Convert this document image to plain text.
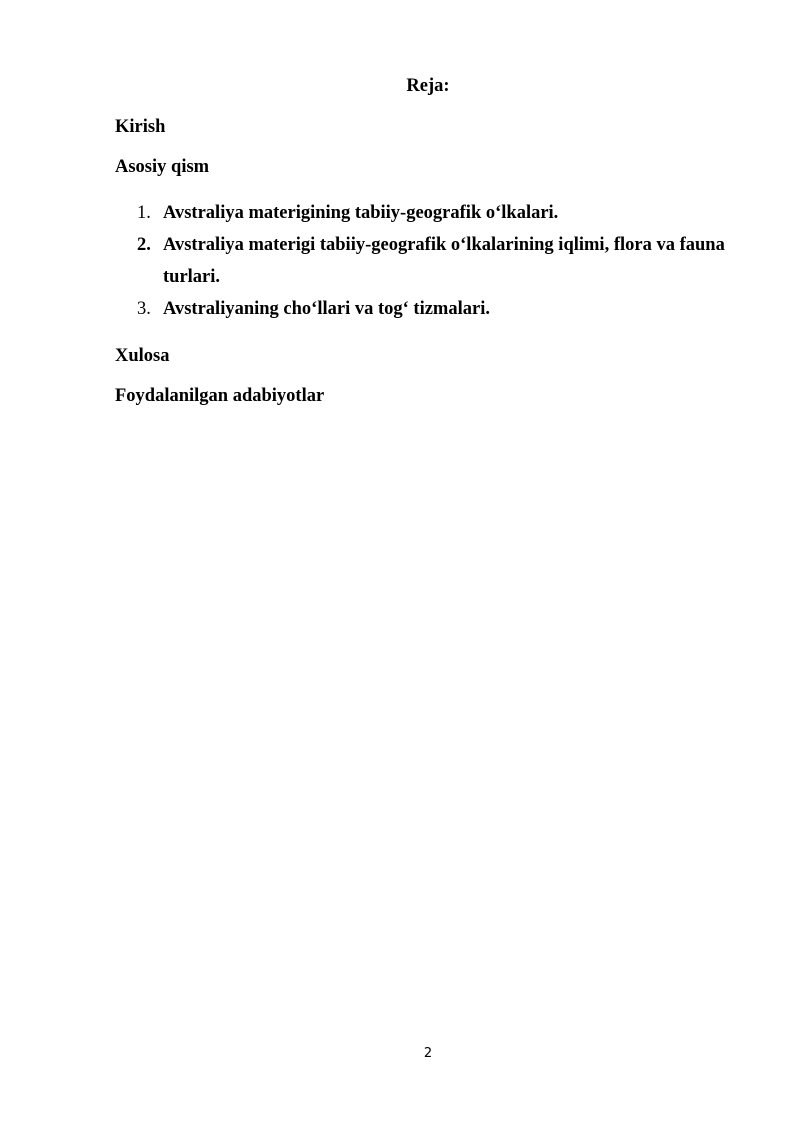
Reja:
Kirish
Asosiy qism
1. Avstraliya materigining tabiiy-geografik o‘lkalari.
2. Avstraliya materigi tabiiy-geografik o‘lkalarining iqlimi, flora va fauna turlari.
3. Avstraliyaning cho‘llari va tog‘ tizmalari.
Xulosa
Foydalanilgan adabiyotlar
2
